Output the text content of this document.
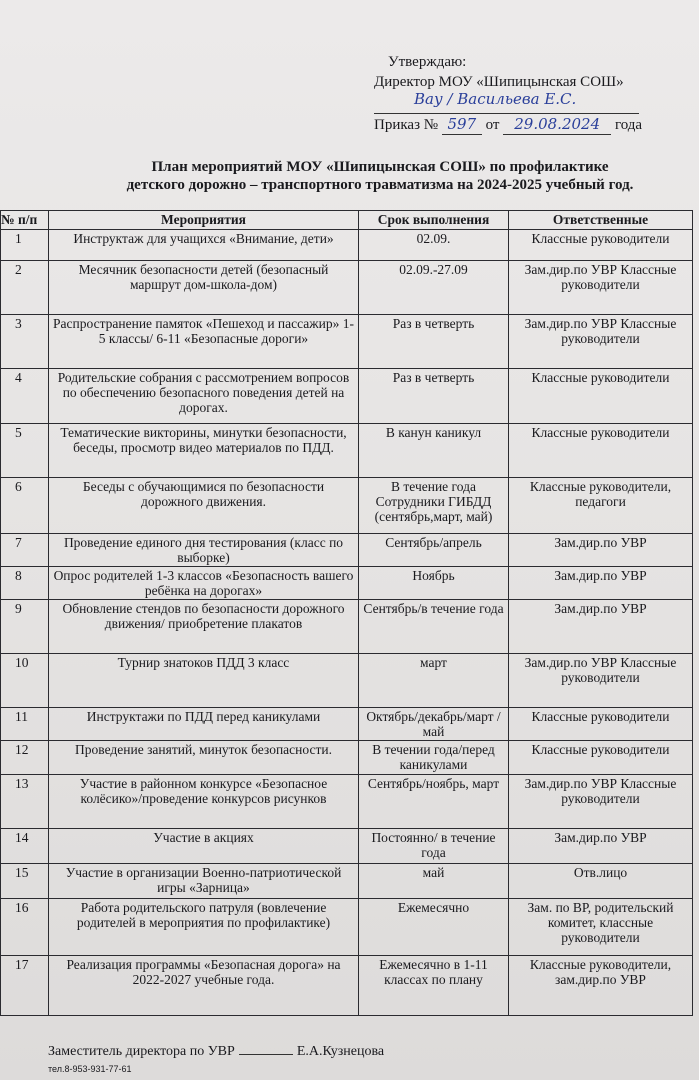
Утверждаю:
Директор МОУ «Шипицынская СОШ»
Вау / Васильева Е.С.
Приказ № 597 от 29.08.2024 года
План мероприятий МОУ «Шипицынская СОШ» по профилактике
детского дорожно – транспортного травматизма на 2024-2025 учебный год.
№ п/п	Мероприятия	Срок выполнения	Ответственные
1	Инструктаж для учащихся «Внимание, дети»	02.09.	Классные руководители
2	Месячник безопасности детей (безопасный маршрут дом-школа-дом)	02.09.-27.09	Зам.дир.по УВР Классные руководители
3	Распространение памяток «Пешеход и пассажир» 1-5 классы/ 6-11 «Безопасные дороги»	Раз в четверть	Зам.дир.по УВР Классные руководители
4	Родительские собрания с рассмотрением вопросов по обеспечению безопасного поведения детей на дорогах.	Раз в четверть	Классные руководители
5	Тематические викторины, минутки безопасности, беседы, просмотр видео материалов по ПДД.	В канун каникул	Классные руководители
6	Беседы с обучающимися по безопасности дорожного движения.	В течение года Сотрудники ГИБДД (сентябрь,март, май)	Классные руководители, педагоги
7	Проведение единого дня тестирования (класс по выборке)	Сентябрь/апрель	Зам.дир.по УВР
8	Опрос родителей 1-3 классов «Безопасность вашего ребёнка на дорогах»	Ноябрь	Зам.дир.по УВР
9	Обновление стендов по безопасности дорожного движения/ приобретение плакатов	Сентябрь/в течение года	Зам.дир.по УВР
10	Турнир знатоков ПДД 3 класс	март	Зам.дир.по УВР Классные руководители
11	Инструктажи по ПДД перед каникулами	Октябрь/декабрь/март /май	Классные руководители
12	Проведение занятий, минуток безопасности.	В течении года/перед каникулами	Классные руководители
13	Участие в районном конкурсе «Безопасное колёсико»/проведение конкурсов рисунков	Сентябрь/ноябрь, март	Зам.дир.по УВР Классные руководители
14	Участие в акциях	Постоянно/ в течение года	Зам.дир.по УВР
15	Участие в организации Военно-патриотической игры «Зарница»	май	Отв.лицо
16	Работа родительского патруля (вовлечение родителей в мероприятия по профилактике)	Ежемесячно	Зам. по ВР, родительский комитет, классные руководители
17	Реализация программы «Безопасная дорога» на 2022-2027 учебные года.	Ежемесячно в 1-11 классах по плану	Классные руководители, зам.дир.по УВР
Заместитель директора по УВР	Е.А.Кузнецова
тел.8-953-931-77-61
